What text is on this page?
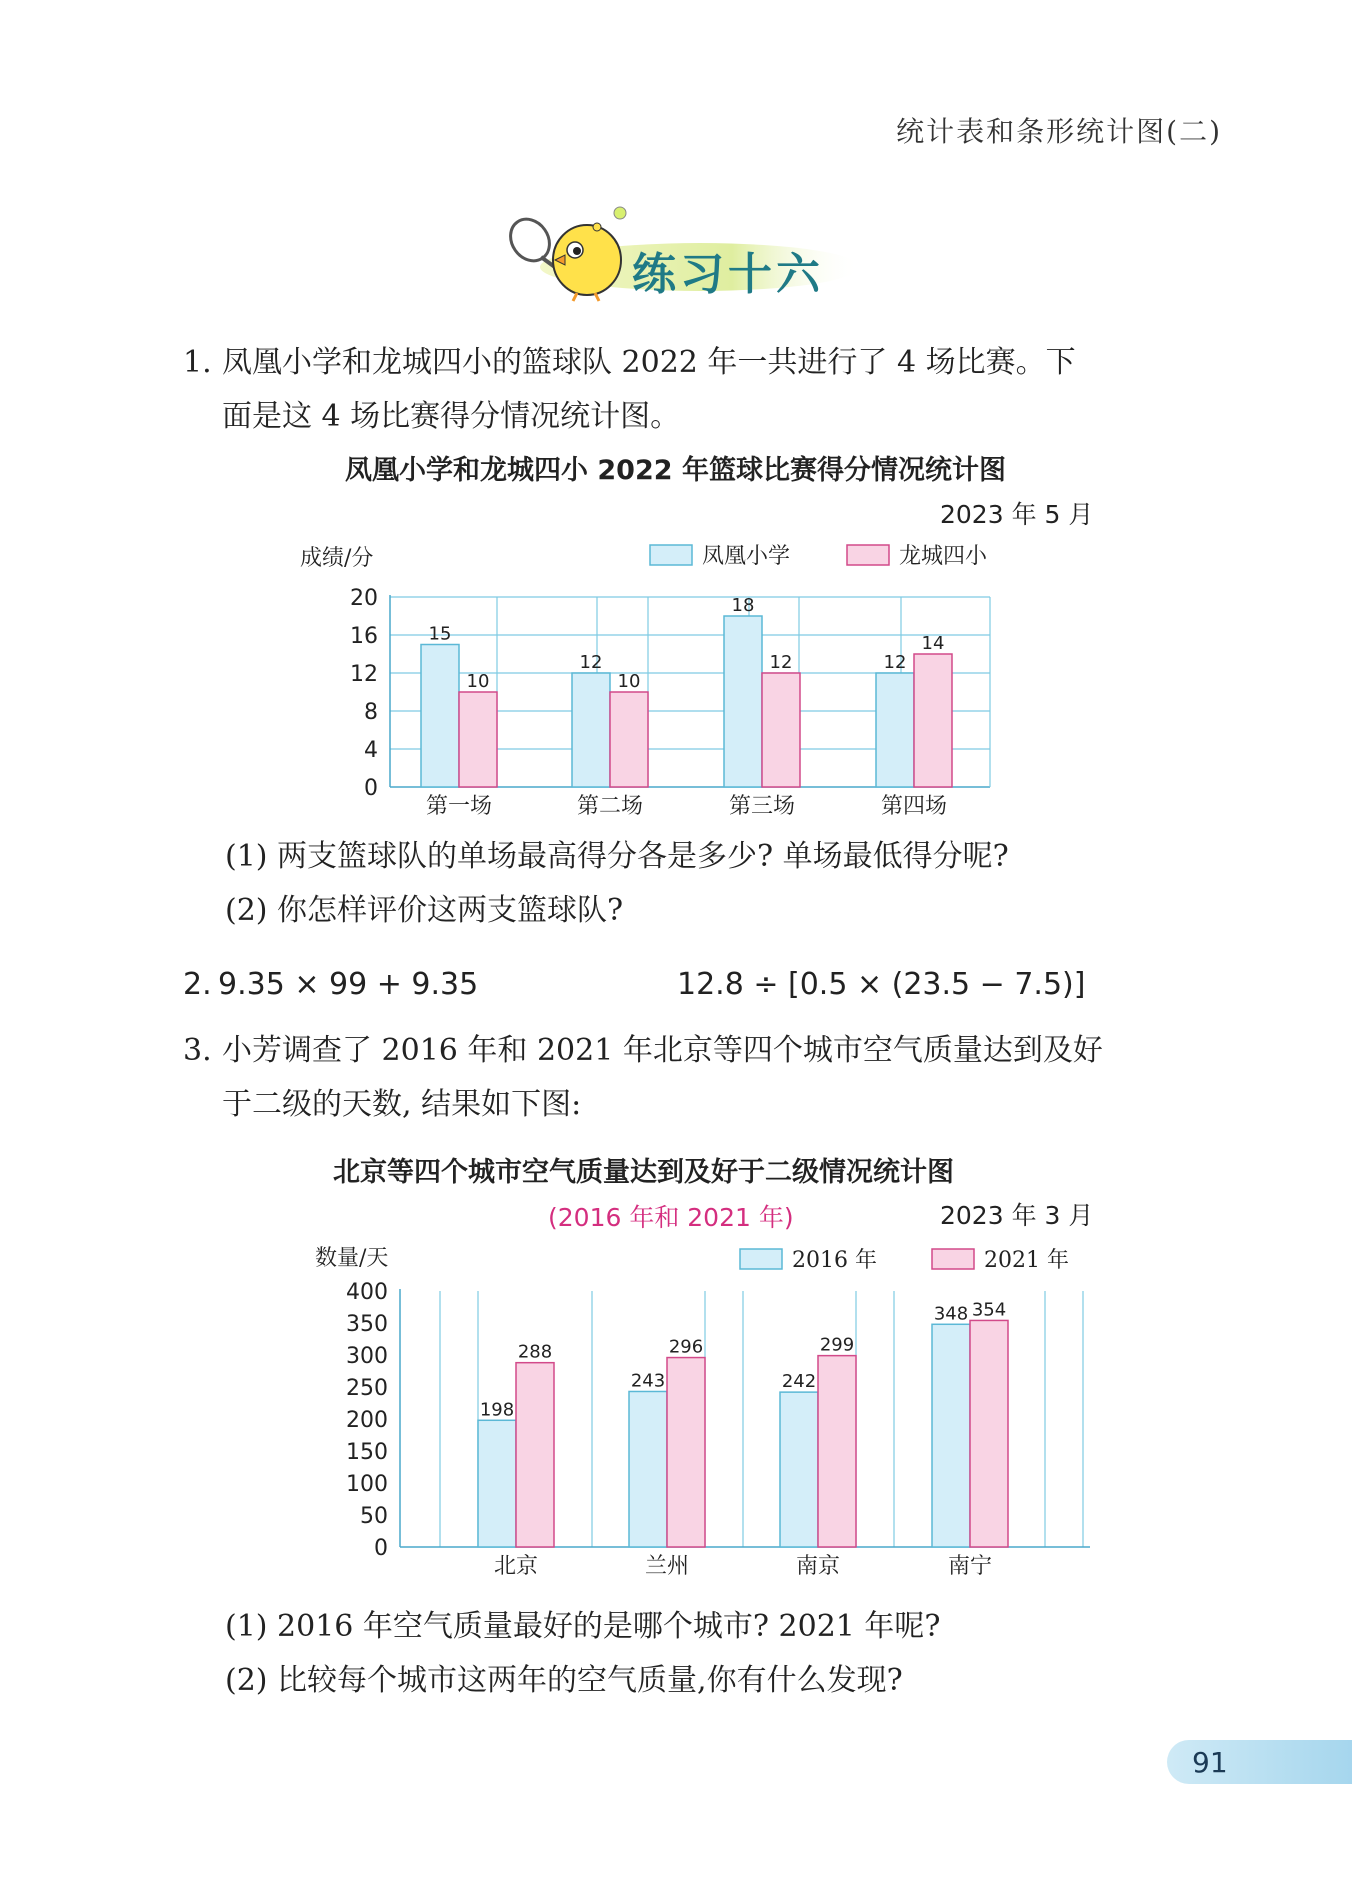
统计表和条形统计图(二)
练习十六
1. 凤凰小学和龙城四小的篮球队 2022 年一共进行了 4 场比赛。下
面是这 4 场比赛得分情况统计图。
凤凰小学和龙城四小 2022 年篮球比赛得分情况统计图
2023 年 5 月
成绩/分	凤凰小学	龙城四小
0
4
8
12
16
20
15
10
第一场
12
10
第二场
18
12
第三场
12
14
第四场
(1) 两支篮球队的单场最高得分各是多少? 单场最低得分呢?
(2) 你怎样评价这两支篮球队?
2. 9.35 × 99 + 9.35	12.8 ÷ [0.5 × (23.5 − 7.5)]
3. 小芳调查了 2016 年和 2021 年北京等四个城市空气质量达到及好
于二级的天数, 结果如下图:
北京等四个城市空气质量达到及好于二级情况统计图
(2016 年和 2021 年)	2023 年 3 月
数量/天	2016 年	2021 年
0
50
100
150
200
250
300
350
400
198
288
北京
243
296
兰州
242
299
南京
348 354
南宁
(1) 2016 年空气质量最好的是哪个城市? 2021 年呢?
(2) 比较每个城市这两年的空气质量,你有什么发现?
91
